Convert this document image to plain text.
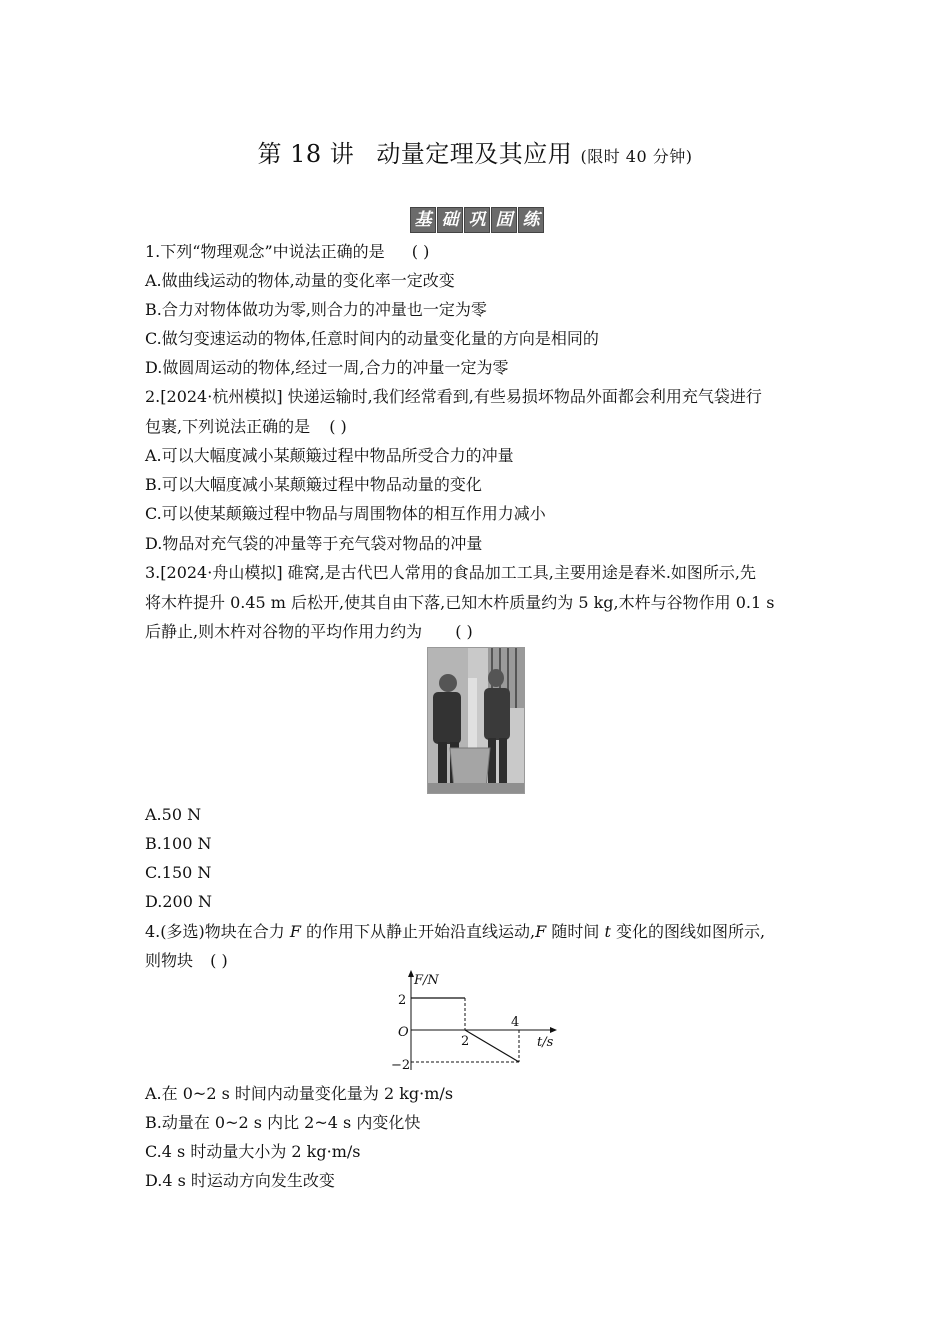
第 18 讲 动量定理及其应用 (限时 40 分钟)
基 础 巩 固 练
1.下列“物理观念”中说法正确的是 ( )
A.做曲线运动的物体,动量的变化率一定改变
B.合力对物体做功为零,则合力的冲量也一定为零
C.做匀变速运动的物体,任意时间内的动量变化量的方向是相同的
D.做圆周运动的物体,经过一周,合力的冲量一定为零
2.[2024·杭州模拟] 快递运输时,我们经常看到,有些易损坏物品外面都会利用充气袋进行
包裹,下列说法正确的是 ( )
A.可以大幅度减小某颠簸过程中物品所受合力的冲量
B.可以大幅度减小某颠簸过程中物品动量的变化
C.可以使某颠簸过程中物品与周围物体的相互作用力减小
D.物品对充气袋的冲量等于充气袋对物品的冲量
3.[2024·舟山模拟] 碓窝,是古代巴人常用的食品加工工具,主要用途是舂米.如图所示,先
将木杵提升 0.45 m 后松开,使其自由下落,已知木杵质量约为 5 kg,木杵与谷物作用 0.1 s
后静止,则木杵对谷物的平均作用力约为 ( )
A.50 N
B.100 N
C.150 N
D.200 N
4.(多选)物块在合力 F 的作用下从静止开始沿直线运动,F 随时间 t 变化的图线如图所示,
则物块 ( )
F/N
t/s
2
O
−2
2
4
A.在 0~2 s 时间内动量变化量为 2 kg·m/s
B.动量在 0~2 s 内比 2~4 s 内变化快
C.4 s 时动量大小为 2 kg·m/s
D.4 s 时运动方向发生改变
